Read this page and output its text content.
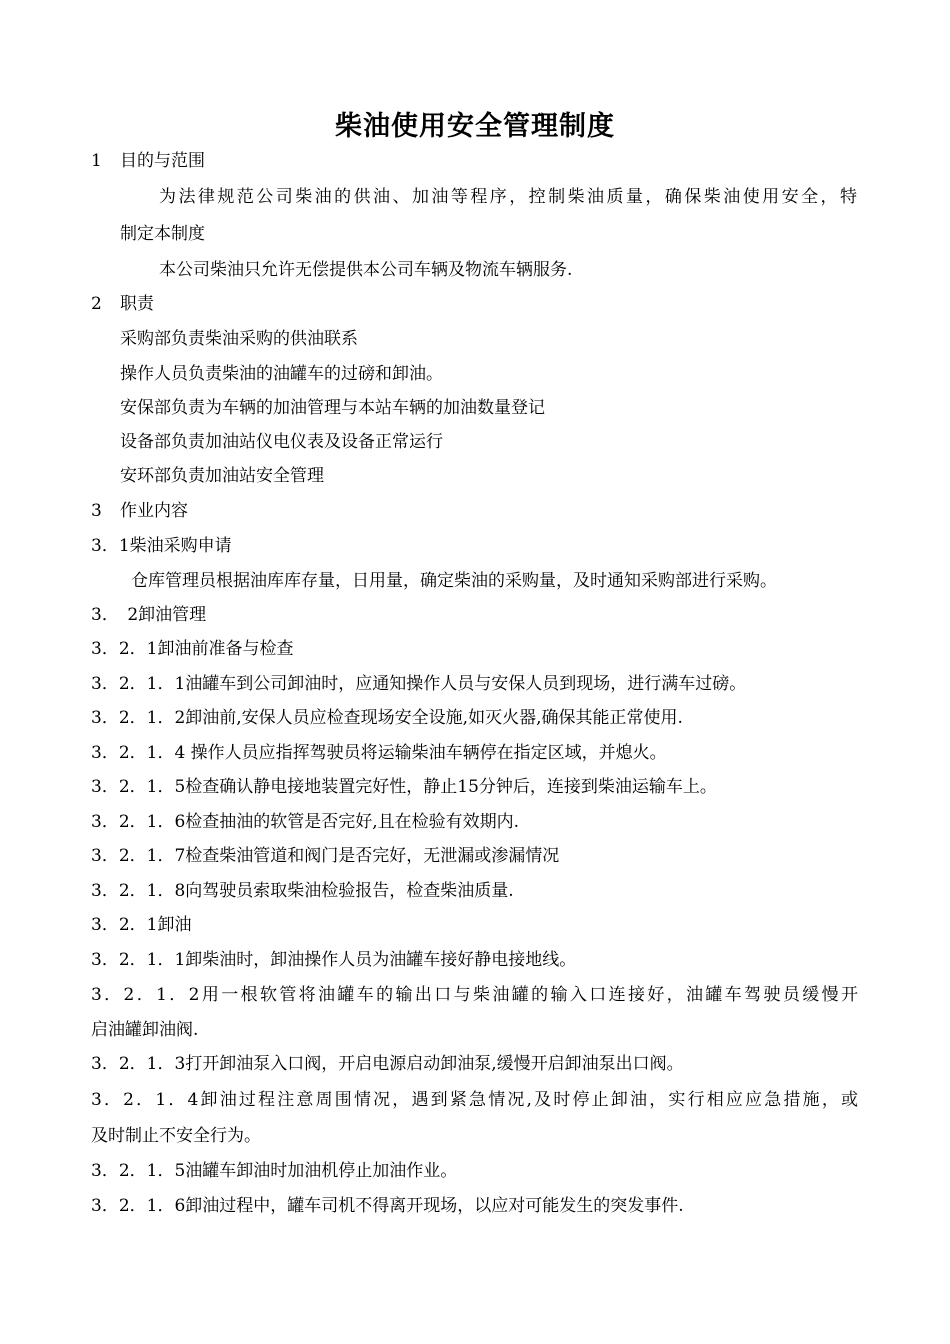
柴油使用安全管理制度
1 目的与范围
为法律规范公司柴油的供油、加油等程序，控制柴油质量，确保柴油使用安全，特
制定本制度
本公司柴油只允许无偿提供本公司车辆及物流车辆服务.
2 职责
采购部负责柴油采购的供油联系
操作人员负责柴油的油罐车的过磅和卸油。
安保部负责为车辆的加油管理与本站车辆的加油数量登记
设备部负责加油站仪电仪表及设备正常运行
安环部负责加油站安全管理
3 作业内容
3．1柴油采购申请
仓库管理员根据油库库存量，日用量，确定柴油的采购量，及时通知采购部进行采购。
3．　2卸油管理
3．2．1卸油前准备与检查
3．2．1．1油罐车到公司卸油时，应通知操作人员与安保人员到现场，进行满车过磅。
3．2．1．2卸油前,安保人员应检查现场安全设施,如灭火器,确保其能正常使用.
3．2．1．4 操作人员应指挥驾驶员将运输柴油车辆停在指定区域，并熄火。
3．2．1．5检查确认静电接地装置完好性，静止15分钟后，连接到柴油运输车上。
3．2．1．6检查抽油的软管是否完好,且在检验有效期内.
3．2．1．7检查柴油管道和阀门是否完好，无泄漏或渗漏情况
3．2．1．8向驾驶员索取柴油检验报告，检查柴油质量.
3．2．1卸油
3．2．1．1卸柴油时，卸油操作人员为油罐车接好静电接地线。
3．2．1．2用一根软管将油罐车的输出口与柴油罐的输入口连接好，油罐车驾驶员缓慢开
启油罐卸油阀.
3．2．1．3打开卸油泵入口阀，开启电源启动卸油泵,缓慢开启卸油泵出口阀。
3．2．1．4卸油过程注意周围情况，遇到紧急情况,及时停止卸油，实行相应应急措施，或
及时制止不安全行为。
3．2．1．5油罐车卸油时加油机停止加油作业。
3．2．1．6卸油过程中，罐车司机不得离开现场，以应对可能发生的突发事件.
